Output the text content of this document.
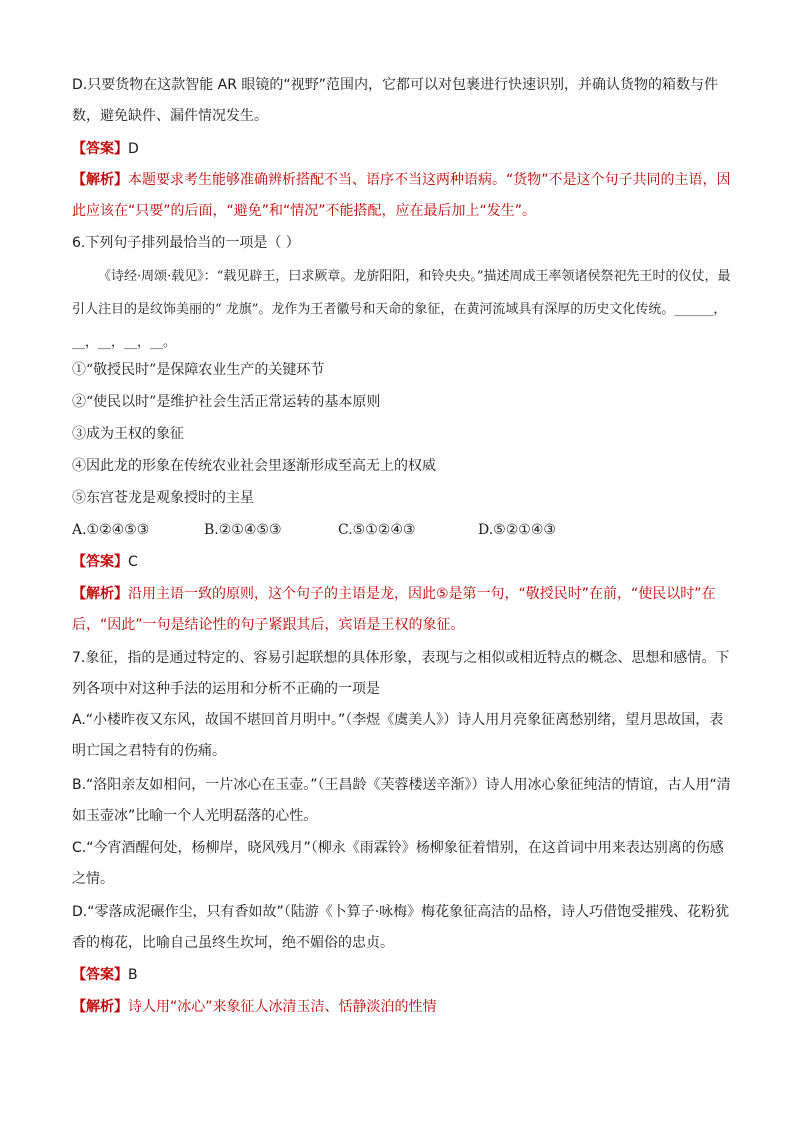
D.只要货物在这款智能 AR 眼镜的“视野”范围内，它都可以对包裹进行快速识别，并确认货物的箱数与件数，避免缺件、漏件情况发生。
【答案】D
【解析】本题要求考生能够准确辨析搭配不当、语序不当这两种语病。“货物”不是这个句子共同的主语，因此应该在“只要”的后面，“避免”和“情况”不能搭配，应在最后加上“发生”。
6.下列句子排列最恰当的一项是（ ）
《诗经·周颂·载见》：“载见辟王，曰求厥章。龙旂阳阳，和铃央央。”描述周成王率领诸侯祭祀先王时的仪仗，最引人注目的是纹饰美丽的“ 龙旗”。龙作为王者徽号和天命的象征，在黄河流域具有深厚的历史文化传统。______，__，__，__，__。
①“敬授民时”是保障农业生产的关键环节
②“使民以时”是维护社会生活正常运转的基本原则
③成为王权的象征
④因此龙的形象在传统农业社会里逐渐形成至高无上的权威
⑤东宫苍龙是观象授时的主星
A.①②④⑤③	B.②①④⑤③	C.⑤①②④③	D.⑤②①④③
【答案】C
【解析】沿用主语一致的原则，这个句子的主语是龙，因此⑤是第一句，“敬授民时”在前，“使民以时”在后，“因此”一句是结论性的句子紧跟其后，宾语是王权的象征。
7.象征，指的是通过特定的、容易引起联想的具体形象，表现与之相似或相近特点的概念、思想和感情。下列各项中对这种手法的运用和分析不正确的一项是
A.“小楼昨夜又东风，故国不堪回首月明中。”（李煜《虞美人》）诗人用月亮象征离愁别绪，望月思故国，表明亡国之君特有的伤痛。
B.“洛阳亲友如相问，一片冰心在玉壶。”（王昌龄《芙蓉楼送辛渐》）诗人用冰心象征纯洁的情谊，古人用“清如玉壶冰”比喻一个人光明磊落的心性。
C.“今宵酒醒何处，杨柳岸，晓风残月”（柳永《雨霖铃》杨柳象征着惜别，在这首词中用来表达别离的伤感之情。
D.“零落成泥碾作尘，只有香如故”（陆游《卜算子·咏梅》梅花象征高洁的品格，诗人巧借饱受摧残、花粉犹香的梅花，比喻自己虽终生坎坷，绝不媚俗的忠贞。
【答案】B
【解析】诗人用“冰心”来象征人冰清玉洁、恬静淡泊的性情
